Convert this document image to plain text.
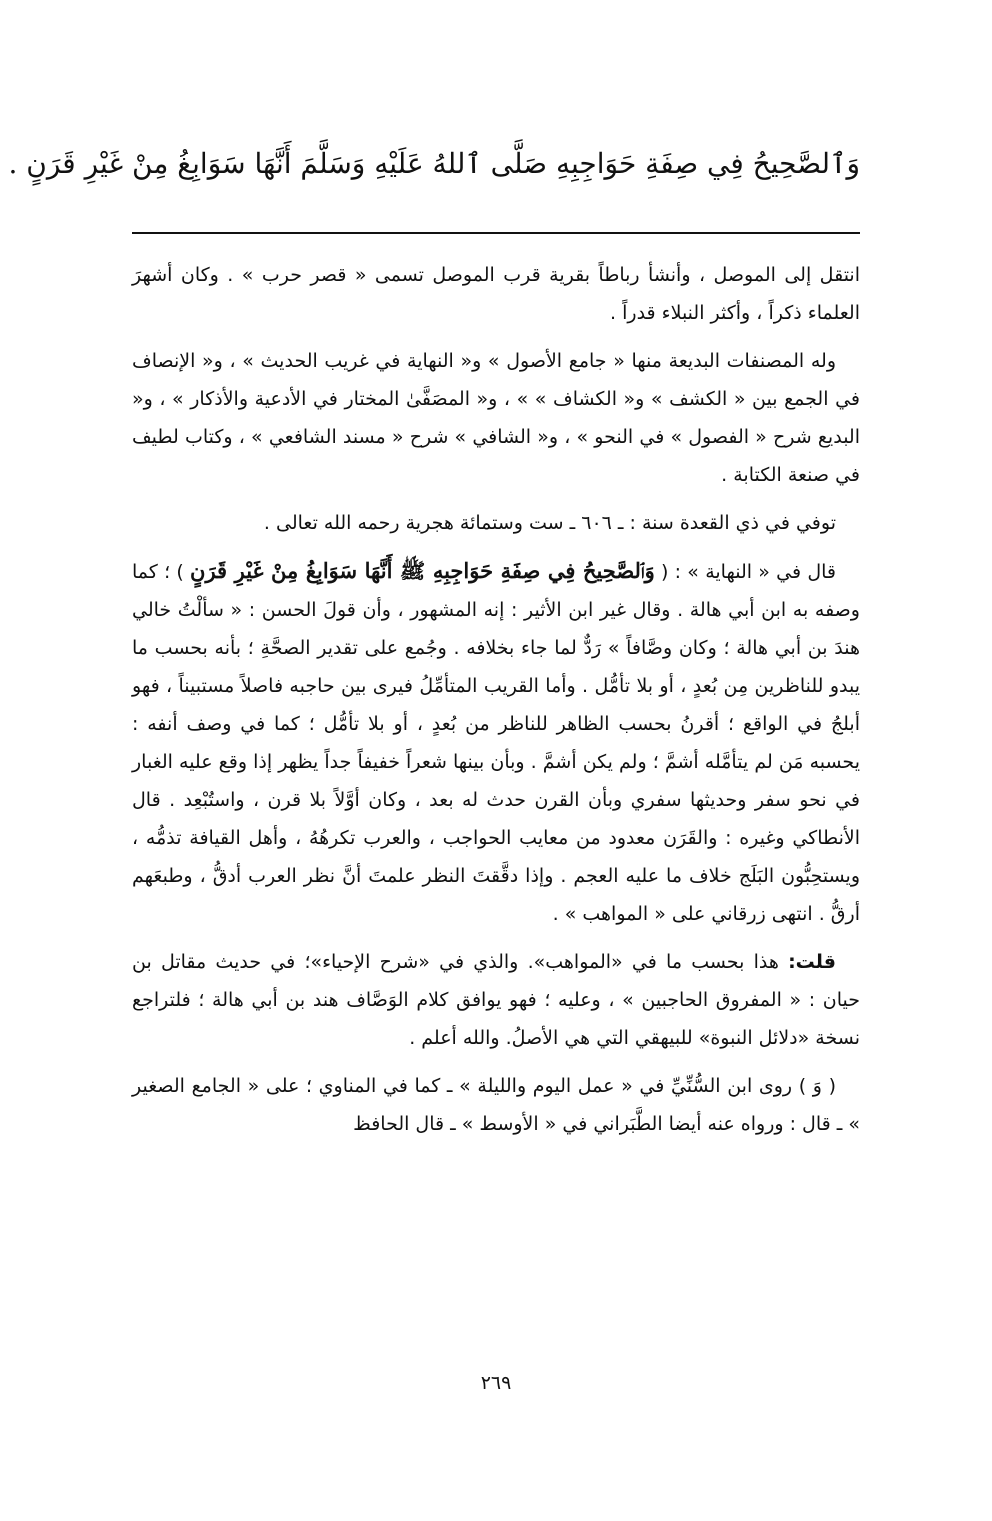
وَٱلصَّحِيحُ فِي صِفَةِ حَوَاجِبِهِ صَلَّى ٱللهُ عَلَيْهِ وَسَلَّمَ أَنَّهَا سَوَابِغُ مِنْ غَيْرِ قَرَنٍ .

انتقل إلى الموصل ، وأنشأ رباطاً بقرية قرب الموصل تسمى « قصر حرب » . وكان أشهرَ العلماء ذكراً ، وأكثر النبلاء قدراً .

وله المصنفات البديعة منها « جامع الأصول » و« النهاية في غريب الحديث » ، و« الإنصاف في الجمع بين « الكشف » و« الكشاف » » ، و« المصَفَّىٰ المختار في الأدعية والأذكار » ، و« البديع شرح « الفصول » في النحو » ، و« الشافي » شرح « مسند الشافعي » ، وكتاب لطيف في صنعة الكتابة .

توفي في ذي القعدة سنة : ـ ٦٠٦ ـ ست وستمائة هجرية رحمه الله تعالى .

قال في « النهاية » : ( وَٱلصَّحِيحُ فِي صِفَةِ حَوَاجِبِهِ ﷺ أَنَّهَا سَوَابِغُ مِنْ غَيْرِ قَرَنٍ ) ؛ كما وصفه به ابن أبي هالة . وقال غير ابن الأثير : إنه المشهور ، وأن قولَ الحسن : « سألْتُ خالي هندَ بن أبي هالة ؛ وكان وصَّافاً » رَدٌّ لما جاء بخلافه . وجُمع على تقدير الصحَّةِ ؛ بأنه بحسب ما يبدو للناظرين مِن بُعدٍ ، أو بلا تأمُّل . وأما القريب المتأمِّلُ فيرى بين حاجبه فاصلاً مستبيناً ، فهو أبلجُ في الواقع ؛ أقرنُ بحسب الظاهر للناظر من بُعدٍ ، أو بلا تأمُّل ؛ كما في وصف أنفه : يحسبه مَن لم يتأمَّله أشمَّ ؛ ولم يكن أشمَّ . وبأن بينها شعراً خفيفاً جداً يظهر إذا وقع عليه الغبار في نحو سفر وحديثها سفري وبأن القرن حدث له بعد ، وكان أوَّلاً بلا قرن ، واستُبْعِد . قال الأنطاكي وغيره : والقَرَن معدود من معايب الحواجب ، والعرب تكرهُهُ ، وأهل القيافة تذمُّه ، ويستحِبُّون البَلَج خلاف ما عليه العجم . وإذا دقَّقتَ النظر علمتَ أنَّ نظر العرب أدقُّ ، وطبعَهم أرقُّ . انتهى زرقاني على « المواهب » .

قلت: هذا بحسب ما في «المواهب». والذي في «شرح الإحياء»؛ في حديث مقاتل بن حيان : « المفروق الحاجبين » ، وعليه ؛ فهو يوافق كلام الوَصَّاف هند بن أبي هالة ؛ فلتراجع نسخة «دلائل النبوة» للبيهقي التي هي الأصلُ. والله أعلم .

( وَ ) روى ابن السُّنِّيِّ في « عمل اليوم والليلة » ـ كما في المناوي ؛ على « الجامع الصغير » ـ قال : ورواه عنه أيضا الطَّبَراني في « الأوسط » ـ قال الحافظ

٢٦٩
